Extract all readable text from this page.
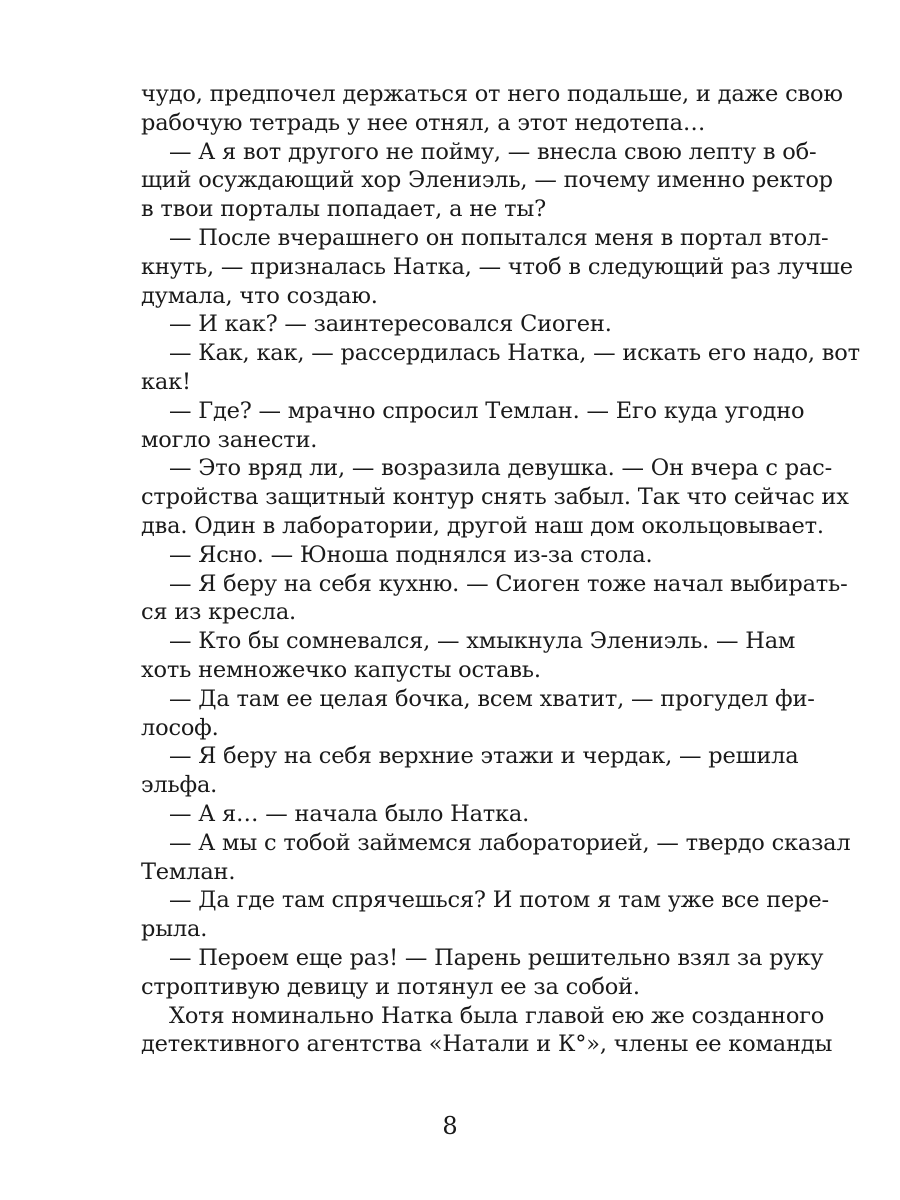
чудо, предпочел держаться от него подальше, и даже свою
рабочую тетрадь у нее отнял, а этот недотепа…

— А я вот другого не пойму, — внесла свою лепту в об-
щий осуждающий хор Элениэль, — почему именно ректор
в твои порталы попадает, а не ты?

— После вчерашнего он попытался меня в портал втол-
кнуть, — призналась Натка, — чтоб в следующий раз лучше
думала, что создаю.

— И как? — заинтересовался Сиоген.

— Как, как, — рассердилась Натка, — искать его надо, вот
как!

— Где? — мрачно спросил Темлан. — Его куда угодно
могло занести.

— Это вряд ли, — возразила девушка. — Он вчера с рас-
стройства защитный контур снять забыл. Так что сейчас их
два. Один в лаборатории, другой наш дом окольцовывает.

— Ясно. — Юноша поднялся из-за стола.

— Я беру на себя кухню. — Сиоген тоже начал выбирать-
ся из кресла.

— Кто бы сомневался, — хмыкнула Элениэль. — Нам
хоть немножечко капусты оставь.

— Да там ее целая бочка, всем хватит, — прогудел фи-
лософ.

— Я беру на себя верхние этажи и чердак, — решила
эльфа.

— А я… — начала было Натка.

— А мы с тобой займемся лабораторией, — твердо сказал
Темлан.

— Да где там спрячешься? И потом я там уже все пере-
рыла.

— Пероем еще раз! — Парень решительно взял за руку
строптивую девицу и потянул ее за собой.

Хотя номинально Натка была главой ею же созданного
детективного агентства «Натали и К°», члены ее команды

8
